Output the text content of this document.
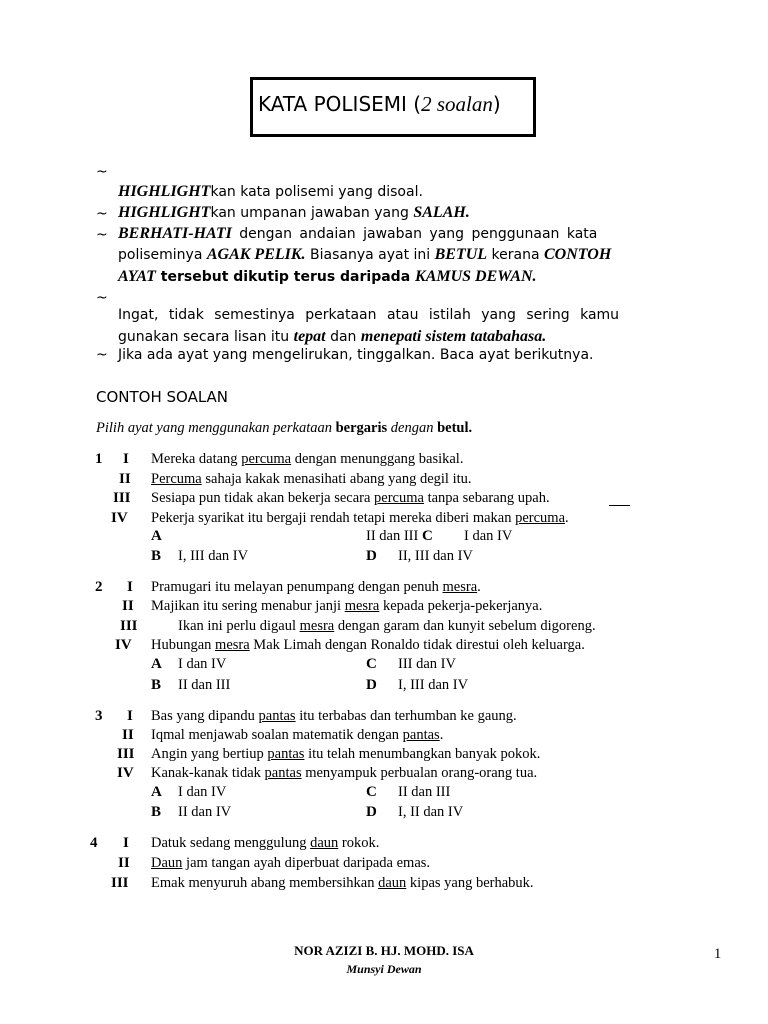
KATA POLISEMI (2 soalan)
~
HIGHLIGHTkan kata polisemi yang disoal.
~ HIGHLIGHTkan umpanan jawaban yang SALAH.
~ BERHATI-HATI dengan andaian jawaban yang penggunaan kata
poliseminya AGAK PELIK. Biasanya ayat ini BETUL kerana CONTOH
AYAT tersebut dikutip terus daripada KAMUS DEWAN.
~
Ingat, tidak semestinya perkataan atau istilah yang sering kamu
gunakan secara lisan itu tepat dan menepati sistem tatabahasa.
~ Jika ada ayat yang mengelirukan, tinggalkan. Baca ayat berikutnya.
CONTOH SOALAN
Pilih ayat yang menggunakan perkataan bergaris dengan betul.
1 I Mereka datang percuma dengan menunggang basikal.
II Percuma sahaja kakak menasihati abang yang degil itu.
III Sesiapa pun tidak akan bekerja secara percuma tanpa sebarang upah.
IV Pekerja syarikat itu bergaji rendah tetapi mereka diberi makan percuma.
A	II dan III C I dan IV
B I, III dan IV	D II, III dan IV
2 I Pramugari itu melayan penumpang dengan penuh mesra.
II Majikan itu sering menabur janji mesra kepada pekerja-pekerjanya.
III	Ikan ini perlu digaul mesra dengan garam dan kunyit sebelum digoreng.
IV Hubungan mesra Mak Limah dengan Ronaldo tidak direstui oleh keluarga.
A I dan IV	C III dan IV
B II dan III	D I, III dan IV
3 I Bas yang dipandu pantas itu terbabas dan terhumban ke gaung.
II Iqmal menjawab soalan matematik dengan pantas.
III Angin yang bertiup pantas itu telah menumbangkan banyak pokok.
IV Kanak-kanak tidak pantas menyampuk perbualan orang-orang tua.
A I dan IV	C II dan III
B II dan IV	D I, II dan IV
4 I Datuk sedang menggulung daun rokok.
II Daun jam tangan ayah diperbuat daripada emas.
III Emak menyuruh abang membersihkan daun kipas yang berhabuk.
NOR AZIZI B. HJ. MOHD. ISA
Munsyi Dewan
1
